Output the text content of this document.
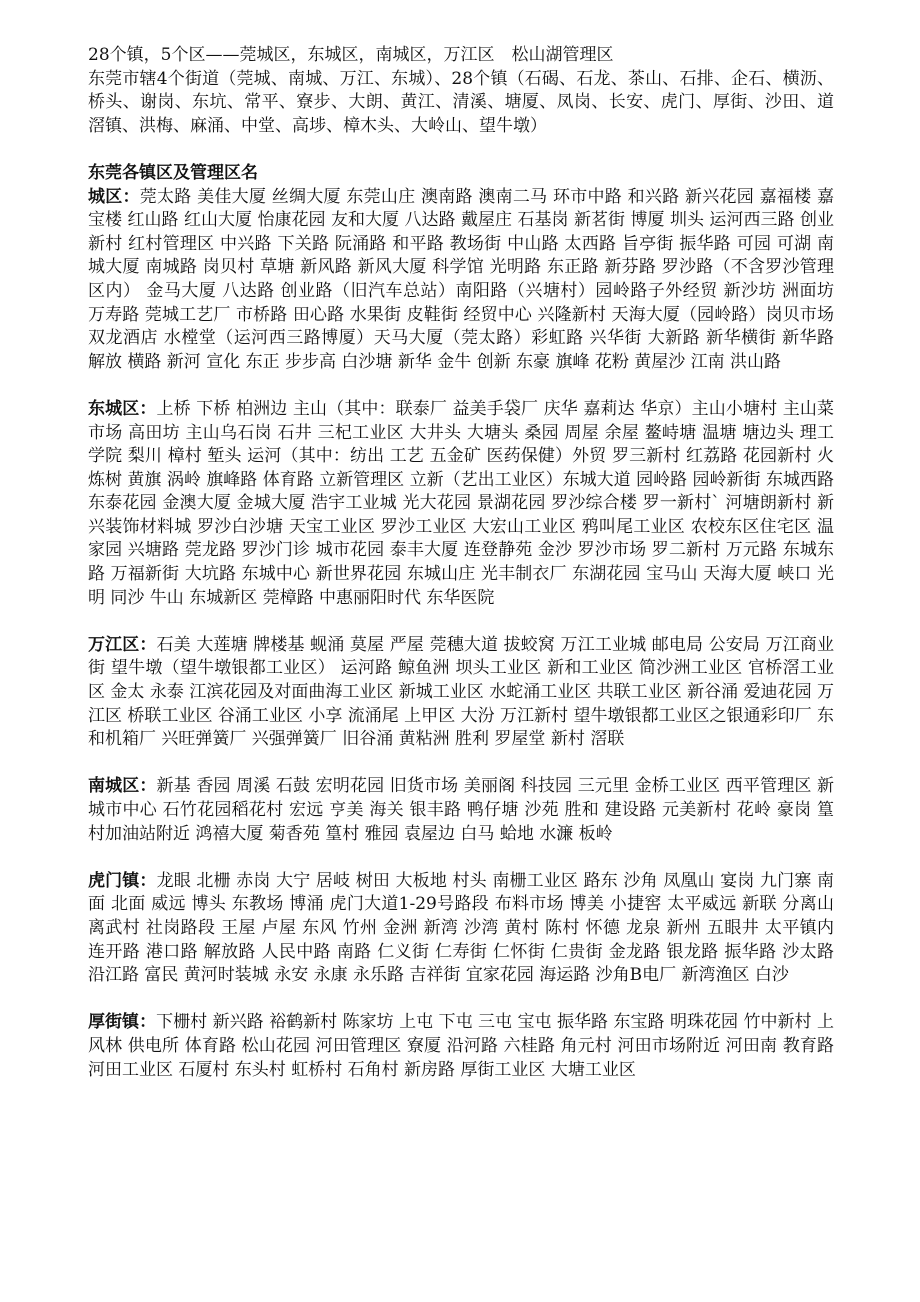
28个镇，5个区——莞城区，东城区，南城区，万江区　松山湖管理区

东莞市辖4个街道（莞城、南城、万江、东城）、28个镇（石碣、石龙、茶山、石排、企石、横沥、桥头、谢岗、东坑、常平、寮步、大朗、黄江、清溪、塘厦、凤岗、长安、虎门、厚街、沙田、道滘镇、洪梅、麻涌、中堂、高埗、樟木头、大岭山、望牛墩）

东莞各镇区及管理区名

城区：莞太路 美佳大厦 丝绸大厦 东莞山庄 澳南路 澳南二马 环市中路 和兴路 新兴花园 嘉福楼 嘉宝楼 红山路 红山大厦 怡康花园 友和大厦 八达路 戴屋庄 石基岗 新茗街 博厦 圳头 运河西三路 创业新村 红村管理区 中兴路 下关路 阮涌路 和平路 教场街 中山路 太西路 旨亭街 振华路 可园 可湖 南城大厦 南城路 岗贝村 草塘 新风路 新风大厦 科学馆 光明路 东正路 新芬路 罗沙路（不含罗沙管理区内） 金马大厦 八达路 创业路（旧汽车总站）南阳路（兴塘村）园岭路子外经贸 新沙坊 洲面坊 万寿路 莞城工艺厂 市桥路 田心路 水果街 皮鞋街 经贸中心 兴隆新村 天海大厦（园岭路）岗贝市场 双龙酒店 水樘堂（运河西三路博厦）天马大厦（莞太路）彩虹路 兴华街 大新路 新华横街 新华路 解放 横路 新河 宣化 东正 步步高 白沙塘 新华 金牛 创新 东豪 旗峰 花粉 黄屋沙 江南 洪山路

东城区：上桥 下桥 柏洲边 主山（其中：联泰厂 益美手袋厂 庆华 嘉莉达 华京）主山小塘村 主山菜市场 高田坊 主山乌石岗 石井 三杞工业区 大井头 大塘头 桑园 周屋 余屋 鳌峙塘 温塘 塘边头 理工学院 梨川 樟村 堑头 运河（其中：纺出 工艺 五金矿 医药保健）外贸 罗三新村 红荔路 花园新村 火炼树 黄旗 涡岭 旗峰路 体育路 立新管理区 立新（艺出工业区）东城大道 园岭路 园岭新街 东城西路 东泰花园 金澳大厦 金城大厦 浩宇工业城 光大花园 景湖花园 罗沙综合楼 罗一新村` 河塘朗新村 新兴装饰材料城 罗沙白沙塘 天宝工业区 罗沙工业区 大宏山工业区 鸦叫尾工业区 农校东区住宅区 温家园 兴塘路 莞龙路 罗沙门诊 城市花园 泰丰大厦 连登静苑 金沙 罗沙市场 罗二新村 万元路 东城东路 万福新街 大坑路 东城中心 新世界花园 东城山庄 光丰制衣厂 东湖花园 宝马山 天海大厦 峡口 光明 同沙 牛山 东城新区 莞樟路 中惠丽阳时代 东华医院

万江区：石美 大莲塘 牌楼基 蚬涌 莫屋 严屋 莞穗大道 拔蛟窝 万江工业城 邮电局 公安局 万江商业街 望牛墩（望牛墩银都工业区） 运河路 鲸鱼洲 坝头工业区 新和工业区 简沙洲工业区 官桥滘工业区 金太 永泰 江滨花园及对面曲海工业区 新城工业区 水蛇涌工业区 共联工业区 新谷涌 爱迪花园 万江区 桥联工业区 谷涌工业区 小享 流涌尾 上甲区 大汾 万江新村 望牛墩银都工业区之银通彩印厂 东和机箱厂 兴旺弹簧厂 兴强弹簧厂 旧谷涌 黄粘洲 胜利 罗屋堂 新村 滘联

南城区：新基 香园 周溪 石鼓 宏明花园 旧货市场 美丽阁 科技园 三元里 金桥工业区 西平管理区 新城市中心 石竹花园稻花村 宏远 亨美 海关 银丰路 鸭仔塘 沙苑 胜和 建设路 元美新村 花岭 豪岗 篁村加油站附近 鸿禧大厦 菊香苑 篁村 雅园 袁屋边 白马 蛤地 水濂 板岭

虎门镇：龙眼 北栅 赤岗 大宁 居岐 树田 大板地 村头 南栅工业区 路东 沙角 凤凰山 宴岗 九门寨 南面 北面 威远 博头 东教场 博涌 虎门大道1-29号路段 布料市场 博美 小捷窖 太平威远 新联 分离山 离武村 社岗路段 王屋 卢屋 东风 竹州 金洲 新湾 沙湾 黄村 陈村 怀德 龙泉 新州 五眼井 太平镇内 连开路 港口路 解放路 人民中路 南路 仁义街 仁寿街 仁怀街 仁贵街 金龙路 银龙路 振华路 沙太路 沿江路 富民 黄河时装城 永安 永康 永乐路 吉祥街 宜家花园 海运路 沙角B电厂 新湾渔区 白沙

厚街镇：下栅村 新兴路 裕鹤新村 陈家坊 上屯 下屯 三屯 宝屯 振华路 东宝路 明珠花园 竹中新村 上风林 供电所 体育路 松山花园 河田管理区 寮厦 沿河路 六桂路 角元村 河田市场附近 河田南 教育路 河田工业区 石厦村 东头村 虹桥村 石角村 新房路 厚街工业区 大塘工业区
